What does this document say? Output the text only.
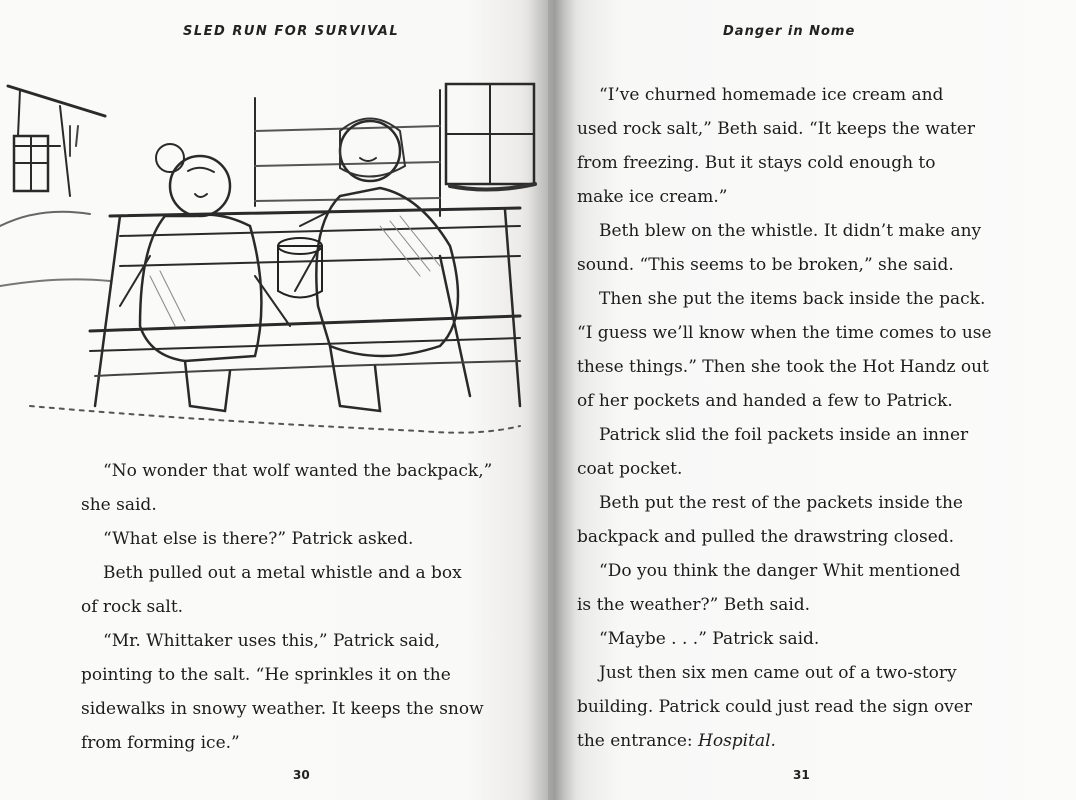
SLED RUN FOR SURVIVAL

“No wonder that wolf wanted the backpack,”

she said.

“What else is there?” Patrick asked.

Beth pulled out a metal whistle and a box

of rock salt.

“Mr. Whittaker uses this,” Patrick said,

pointing to the salt. “He sprinkles it on the

sidewalks in snowy weather. It keeps the snow

from forming ice.”

30
Danger in Nome

“I’ve churned homemade ice cream and

used rock salt,” Beth said. “It keeps the water

from freezing. But it stays cold enough to

make ice cream.”

Beth blew on the whistle. It didn’t make any

sound. “This seems to be broken,” she said.

Then she put the items back inside the pack.

“I guess we’ll know when the time comes to use

these things.” Then she took the Hot Handz out

of her pockets and handed a few to Patrick.

Patrick slid the foil packets inside an inner

coat pocket.

Beth put the rest of the packets inside the

backpack and pulled the drawstring closed.

“Do you think the danger Whit mentioned

is the weather?” Beth said.

“Maybe . . .” Patrick said.

Just then six men came out of a two-story

building. Patrick could just read the sign over

the entrance: Hospital.

31
